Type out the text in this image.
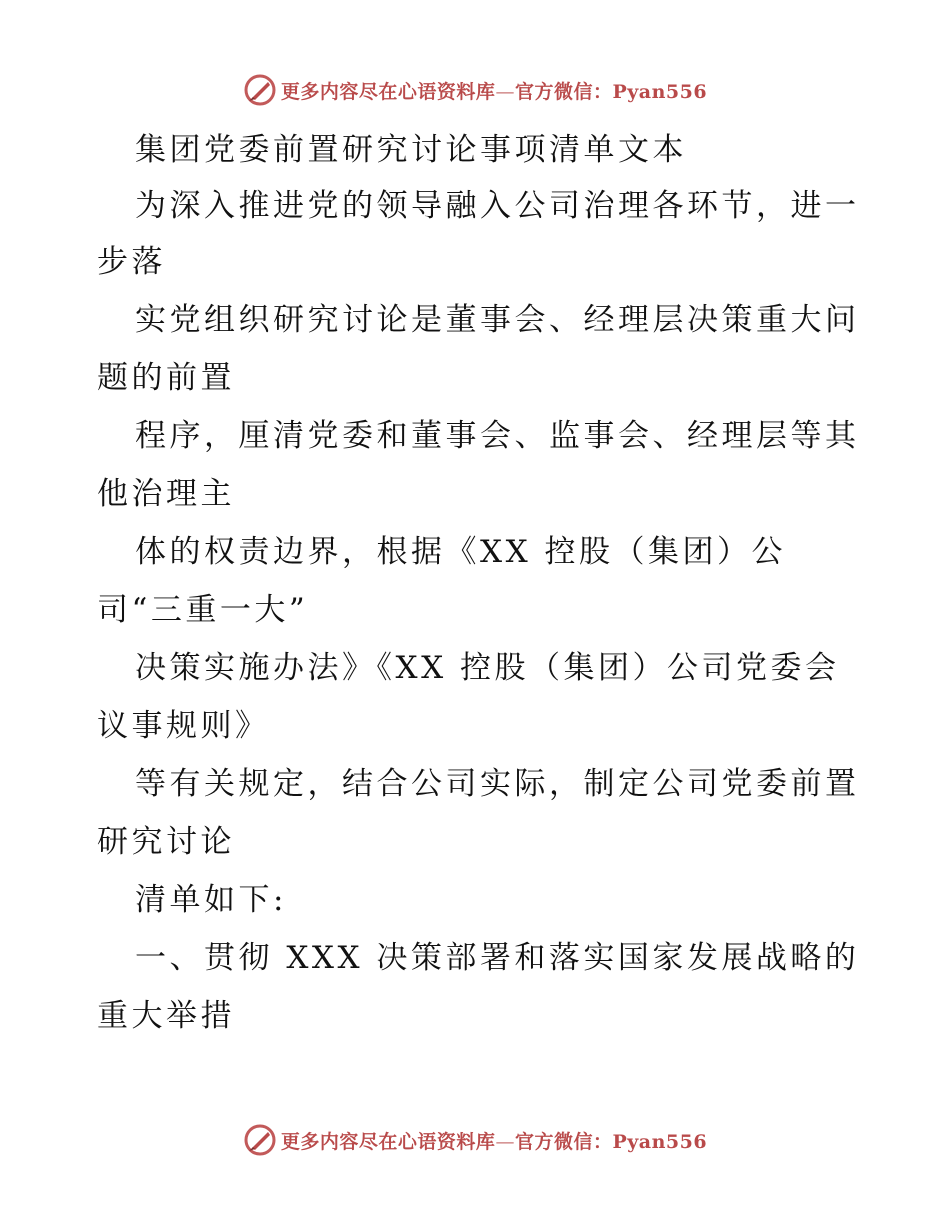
更多内容尽在心语资料库—官方微信：Pyan556
集团党委前置研究讨论事项清单文本
为深入推进党的领导融入公司治理各环节，进一
步落
实党组织研究讨论是董事会、经理层决策重大问
题的前置
程序，厘清党委和董事会、监事会、经理层等其
他治理主
体的权责边界，根据《XX 控股（集团）公
司“三重一大”
决策实施办法》《XX 控股（集团）公司党委会
议事规则》
等有关规定，结合公司实际，制定公司党委前置
研究讨论
清单如下:
一、贯彻 XXX 决策部署和落实国家发展战略的
重大举措
更多内容尽在心语资料库—官方微信：Pyan556
